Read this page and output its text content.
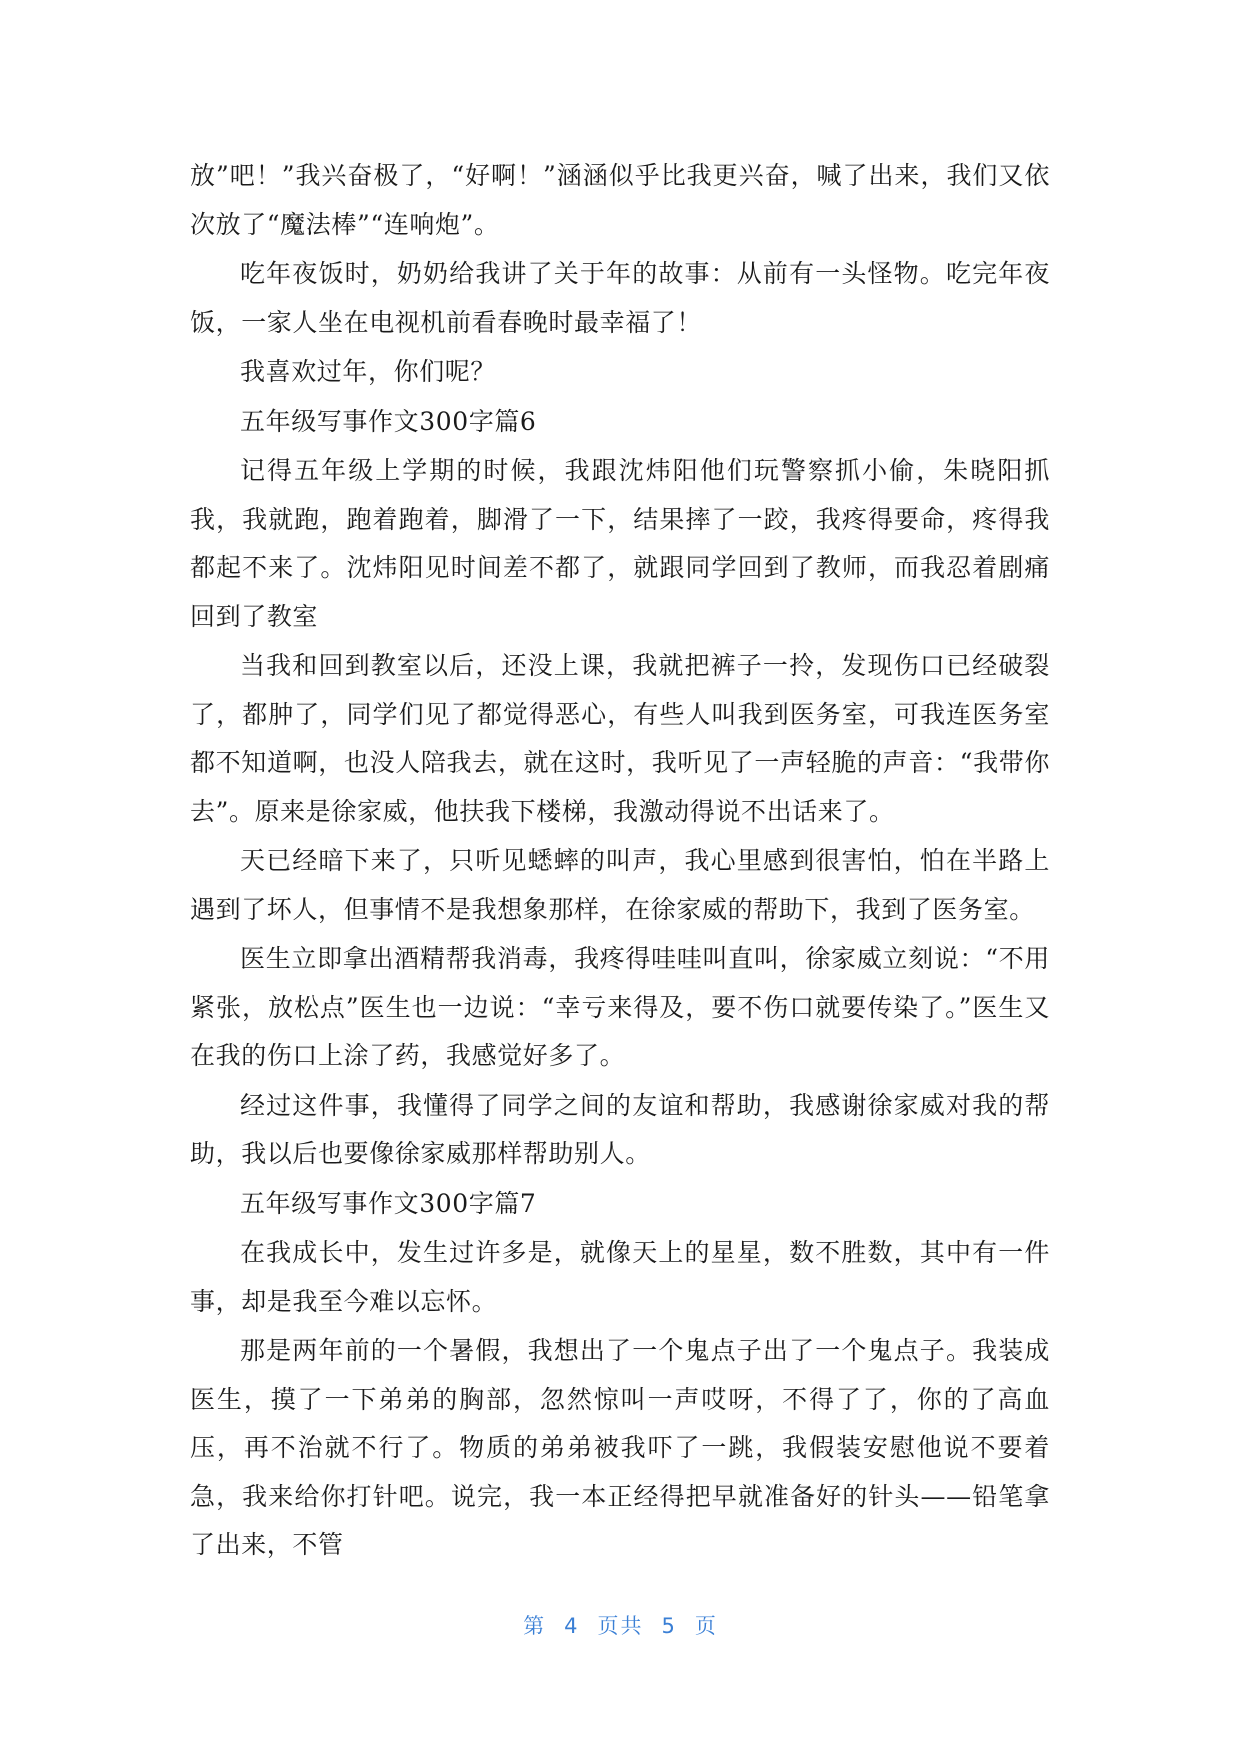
放”吧！”我兴奋极了，“好啊！”涵涵似乎比我更兴奋，喊了出来，我们又依次放了“魔法棒”“连响炮”。

吃年夜饭时，奶奶给我讲了关于年的故事：从前有一头怪物。吃完年夜饭，一家人坐在电视机前看春晚时最幸福了！

我喜欢过年，你们呢？

五年级写事作文300字篇6

记得五年级上学期的时候，我跟沈炜阳他们玩警察抓小偷，朱晓阳抓我，我就跑，跑着跑着，脚滑了一下，结果摔了一跤，我疼得要命，疼得我都起不来了。沈炜阳见时间差不都了，就跟同学回到了教师，而我忍着剧痛回到了教室

当我和回到教室以后，还没上课，我就把裤子一拎，发现伤口已经破裂了，都肿了，同学们见了都觉得恶心，有些人叫我到医务室，可我连医务室都不知道啊，也没人陪我去，就在这时，我听见了一声轻脆的声音：“我带你去”。原来是徐家威，他扶我下楼梯，我激动得说不出话来了。

天已经暗下来了，只听见蟋蟀的叫声，我心里感到很害怕，怕在半路上遇到了坏人，但事情不是我想象那样，在徐家威的帮助下，我到了医务室。

医生立即拿出酒精帮我消毒，我疼得哇哇叫直叫，徐家威立刻说：“不用紧张，放松点”医生也一边说：“幸亏来得及，要不伤口就要传染了。”医生又在我的伤口上涂了药，我感觉好多了。

经过这件事，我懂得了同学之间的友谊和帮助，我感谢徐家威对我的帮助，我以后也要像徐家威那样帮助别人。

五年级写事作文300字篇7

在我成长中，发生过许多是，就像天上的星星，数不胜数，其中有一件事，却是我至今难以忘怀。

那是两年前的一个暑假，我想出了一个鬼点子出了一个鬼点子。我装成医生，摸了一下弟弟的胸部，忽然惊叫一声哎呀，不得了了，你的了高血压，再不治就不行了。物质的弟弟被我吓了一跳，我假装安慰他说不要着急，我来给你打针吧。说完，我一本正经得把早就准备好的针头——铅笔拿了出来，不管

第 4 页共 5 页
